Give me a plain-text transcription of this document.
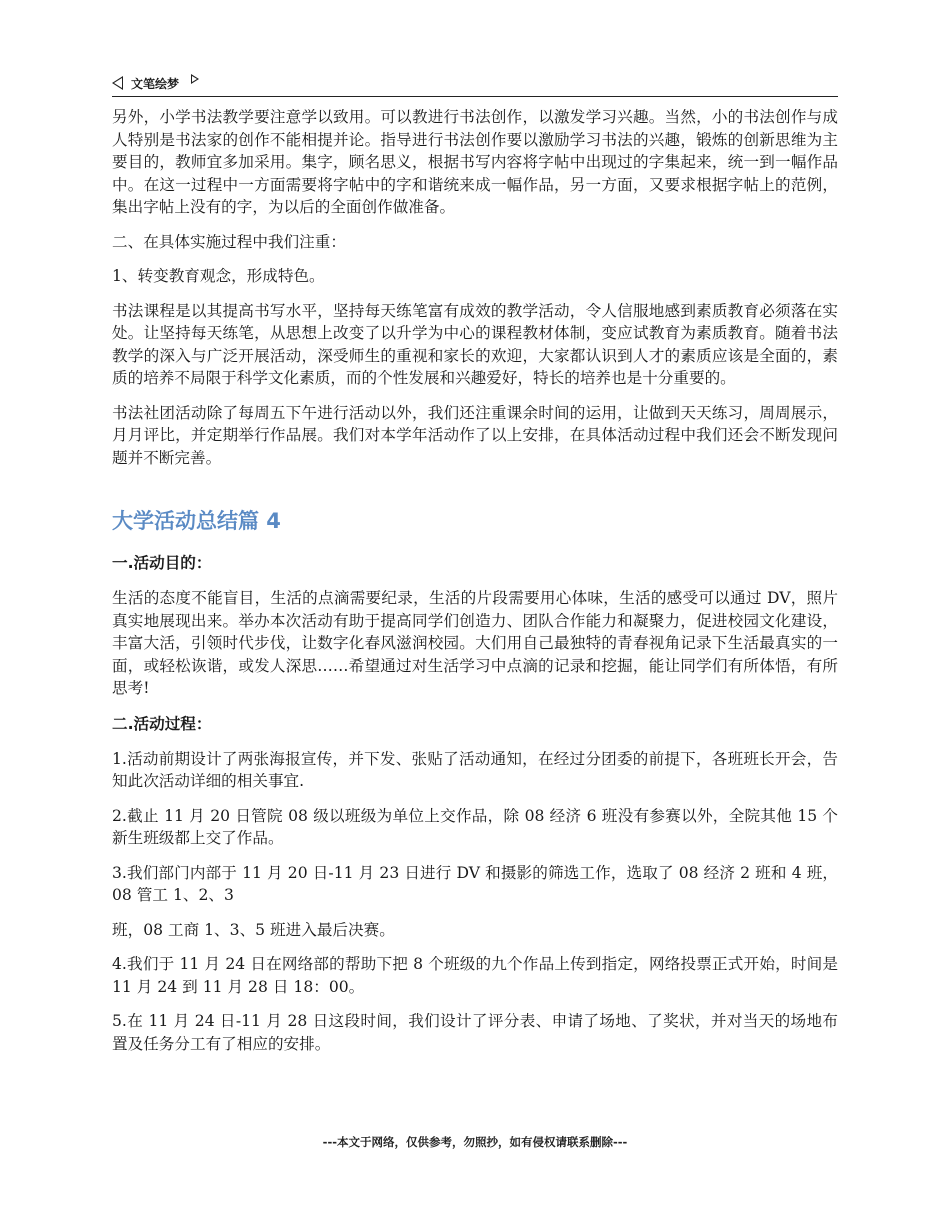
文笔绘梦

另外，小学书法教学要注意学以致用。可以教进行书法创作，以激发学习兴趣。当然，小的书法创作与成人特别是书法家的创作不能相提并论。指导进行书法创作要以激励学习书法的兴趣，锻炼的创新思维为主要目的，教师宜多加采用。集字，顾名思义，根据书写内容将字帖中出现过的字集起来，统一到一幅作品中。在这一过程中一方面需要将字帖中的字和谐统来成一幅作品，另一方面，又要求根据字帖上的范例，集出字帖上没有的字，为以后的全面创作做准备。

二、在具体实施过程中我们注重：

1、转变教育观念，形成特色。

书法课程是以其提高书写水平，坚持每天练笔富有成效的教学活动，令人信服地感到素质教育必须落在实处。让坚持每天练笔，从思想上改变了以升学为中心的课程教材体制，变应试教育为素质教育。随着书法教学的深入与广泛开展活动，深受师生的重视和家长的欢迎，大家都认识到人才的素质应该是全面的，素质的培养不局限于科学文化素质，而的个性发展和兴趣爱好，特长的培养也是十分重要的。

书法社团活动除了每周五下午进行活动以外，我们还注重课余时间的运用，让做到天天练习，周周展示，月月评比，并定期举行作品展。我们对本学年活动作了以上安排，在具体活动过程中我们还会不断发现问题并不断完善。

大学活动总结篇 4
一.活动目的：

生活的态度不能盲目，生活的点滴需要纪录，生活的片段需要用心体味，生活的感受可以通过 DV，照片真实地展现出来。举办本次活动有助于提高同学们创造力、团队合作能力和凝聚力，促进校园文化建设，丰富大活，引领时代步伐，让数字化春风滋润校园。大们用自己最独特的青春视角记录下生活最真实的一面，或轻松诙谐，或发人深思……希望通过对生活学习中点滴的记录和挖掘，能让同学们有所体悟，有所思考!

二.活动过程：

1.活动前期设计了两张海报宣传，并下发、张贴了活动通知，在经过分团委的前提下，各班班长开会，告知此次活动详细的相关事宜.

2.截止 11 月 20 日管院 08 级以班级为单位上交作品，除 08 经济 6 班没有参赛以外，全院其他 15 个新生班级都上交了作品。

3.我们部门内部于 11 月 20 日-11 月 23 日进行 DV 和摄影的筛选工作，选取了 08 经济 2 班和 4 班，08 管工 1、2、3

班，08 工商 1、3、5 班进入最后决赛。

4.我们于 11 月 24 日在网络部的帮助下把 8 个班级的九个作品上传到指定，网络投票正式开始，时间是 11 月 24 到 11 月 28 日 18：00。

5.在 11 月 24 日-11 月 28 日这段时间，我们设计了评分表、申请了场地、了奖状，并对当天的场地布置及任务分工有了相应的安排。

---本文于网络，仅供参考，勿照抄，如有侵权请联系删除---
